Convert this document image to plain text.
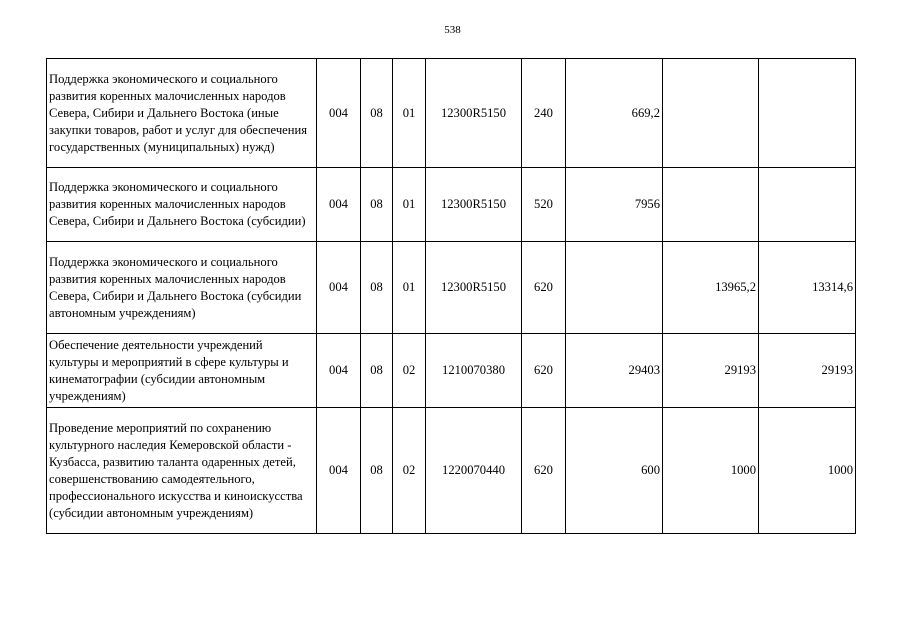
538
Поддержка экономического и социального развития коренных малочисленных народов Севера, Сибири и Дальнего Востока (иные закупки товаров, работ и услуг для обеспечения государственных (муниципальных) нужд)	004	08	01	12300R5150	240	669,2		
Поддержка экономического и социального развития коренных малочисленных народов Севера, Сибири и Дальнего Востока (субсидии)	004	08	01	12300R5150	520	7956		
Поддержка экономического и социального развития коренных малочисленных народов Севера, Сибири и Дальнего Востока (субсидии автономным учреждениям)	004	08	01	12300R5150	620		13965,2	13314,6
Обеспечение деятельности учреждений культуры и мероприятий в сфере культуры и кинематографии (субсидии автономным учреждениям)	004	08	02	1210070380	620	29403	29193	29193
Проведение мероприятий по сохранению культурного наследия Кемеровской области - Кузбасса, развитию таланта одаренных детей, совершенствованию самодеятельного, профессионального искусства и киноискусства (субсидии автономным учреждениям)	004	08	02	1220070440	620	600	1000	1000
